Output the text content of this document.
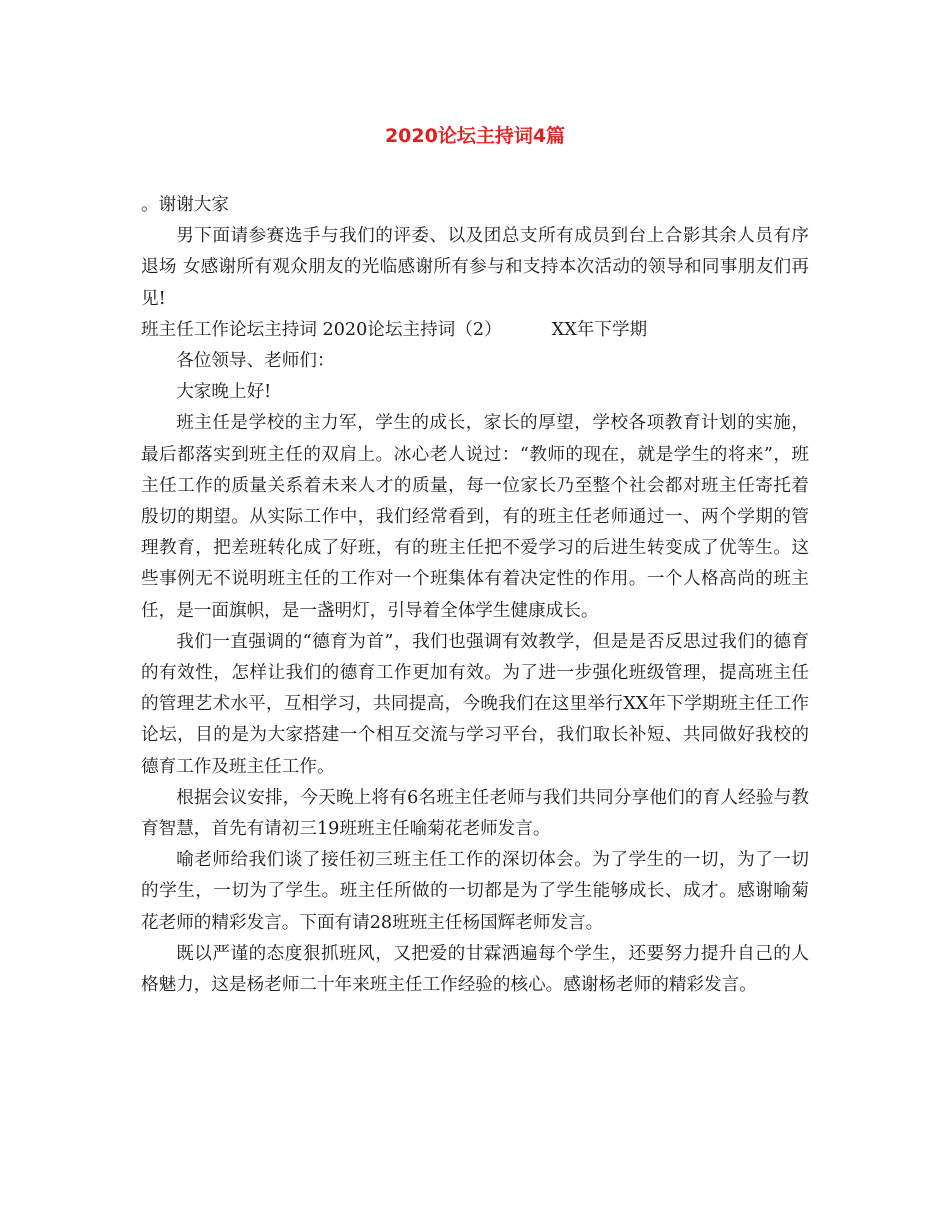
2020论坛主持词4篇

。谢谢大家

男下面请参赛选手与我们的评委、以及团总支所有成员到台上合影其余人员有序退场 女感谢所有观众朋友的光临感谢所有参与和支持本次活动的领导和同事朋友们再见!

班主任工作论坛主持词 2020论坛主持词（2）	XX年下学期

各位领导、老师们：

大家晚上好!

班主任是学校的主力军，学生的成长，家长的厚望，学校各项教育计划的实施，最后都落实到班主任的双肩上。冰心老人说过：“教师的现在，就是学生的将来”，班主任工作的质量关系着未来人才的质量，每一位家长乃至整个社会都对班主任寄托着殷切的期望。从实际工作中，我们经常看到，有的班主任老师通过一、两个学期的管理教育，把差班转化成了好班，有的班主任把不爱学习的后进生转变成了优等生。这些事例无不说明班主任的工作对一个班集体有着决定性的作用。一个人格高尚的班主任，是一面旗帜，是一盏明灯，引导着全体学生健康成长。

我们一直强调的“德育为首”，我们也强调有效教学，但是是否反思过我们的德育的有效性，怎样让我们的德育工作更加有效。为了进一步强化班级管理，提高班主任的管理艺术水平，互相学习，共同提高，今晚我们在这里举行XX年下学期班主任工作论坛，目的是为大家搭建一个相互交流与学习平台，我们取长补短、共同做好我校的德育工作及班主任工作。

根据会议安排，今天晚上将有6名班主任老师与我们共同分享他们的育人经验与教育智慧，首先有请初三19班班主任喻菊花老师发言。

喻老师给我们谈了接任初三班主任工作的深切体会。为了学生的一切，为了一切的学生，一切为了学生。班主任所做的一切都是为了学生能够成长、成才。感谢喻菊花老师的精彩发言。下面有请28班班主任杨国辉老师发言。

既以严谨的态度狠抓班风，又把爱的甘霖洒遍每个学生，还要努力提升自己的人格魅力，这是杨老师二十年来班主任工作经验的核心。感谢杨老师的精彩发言。
